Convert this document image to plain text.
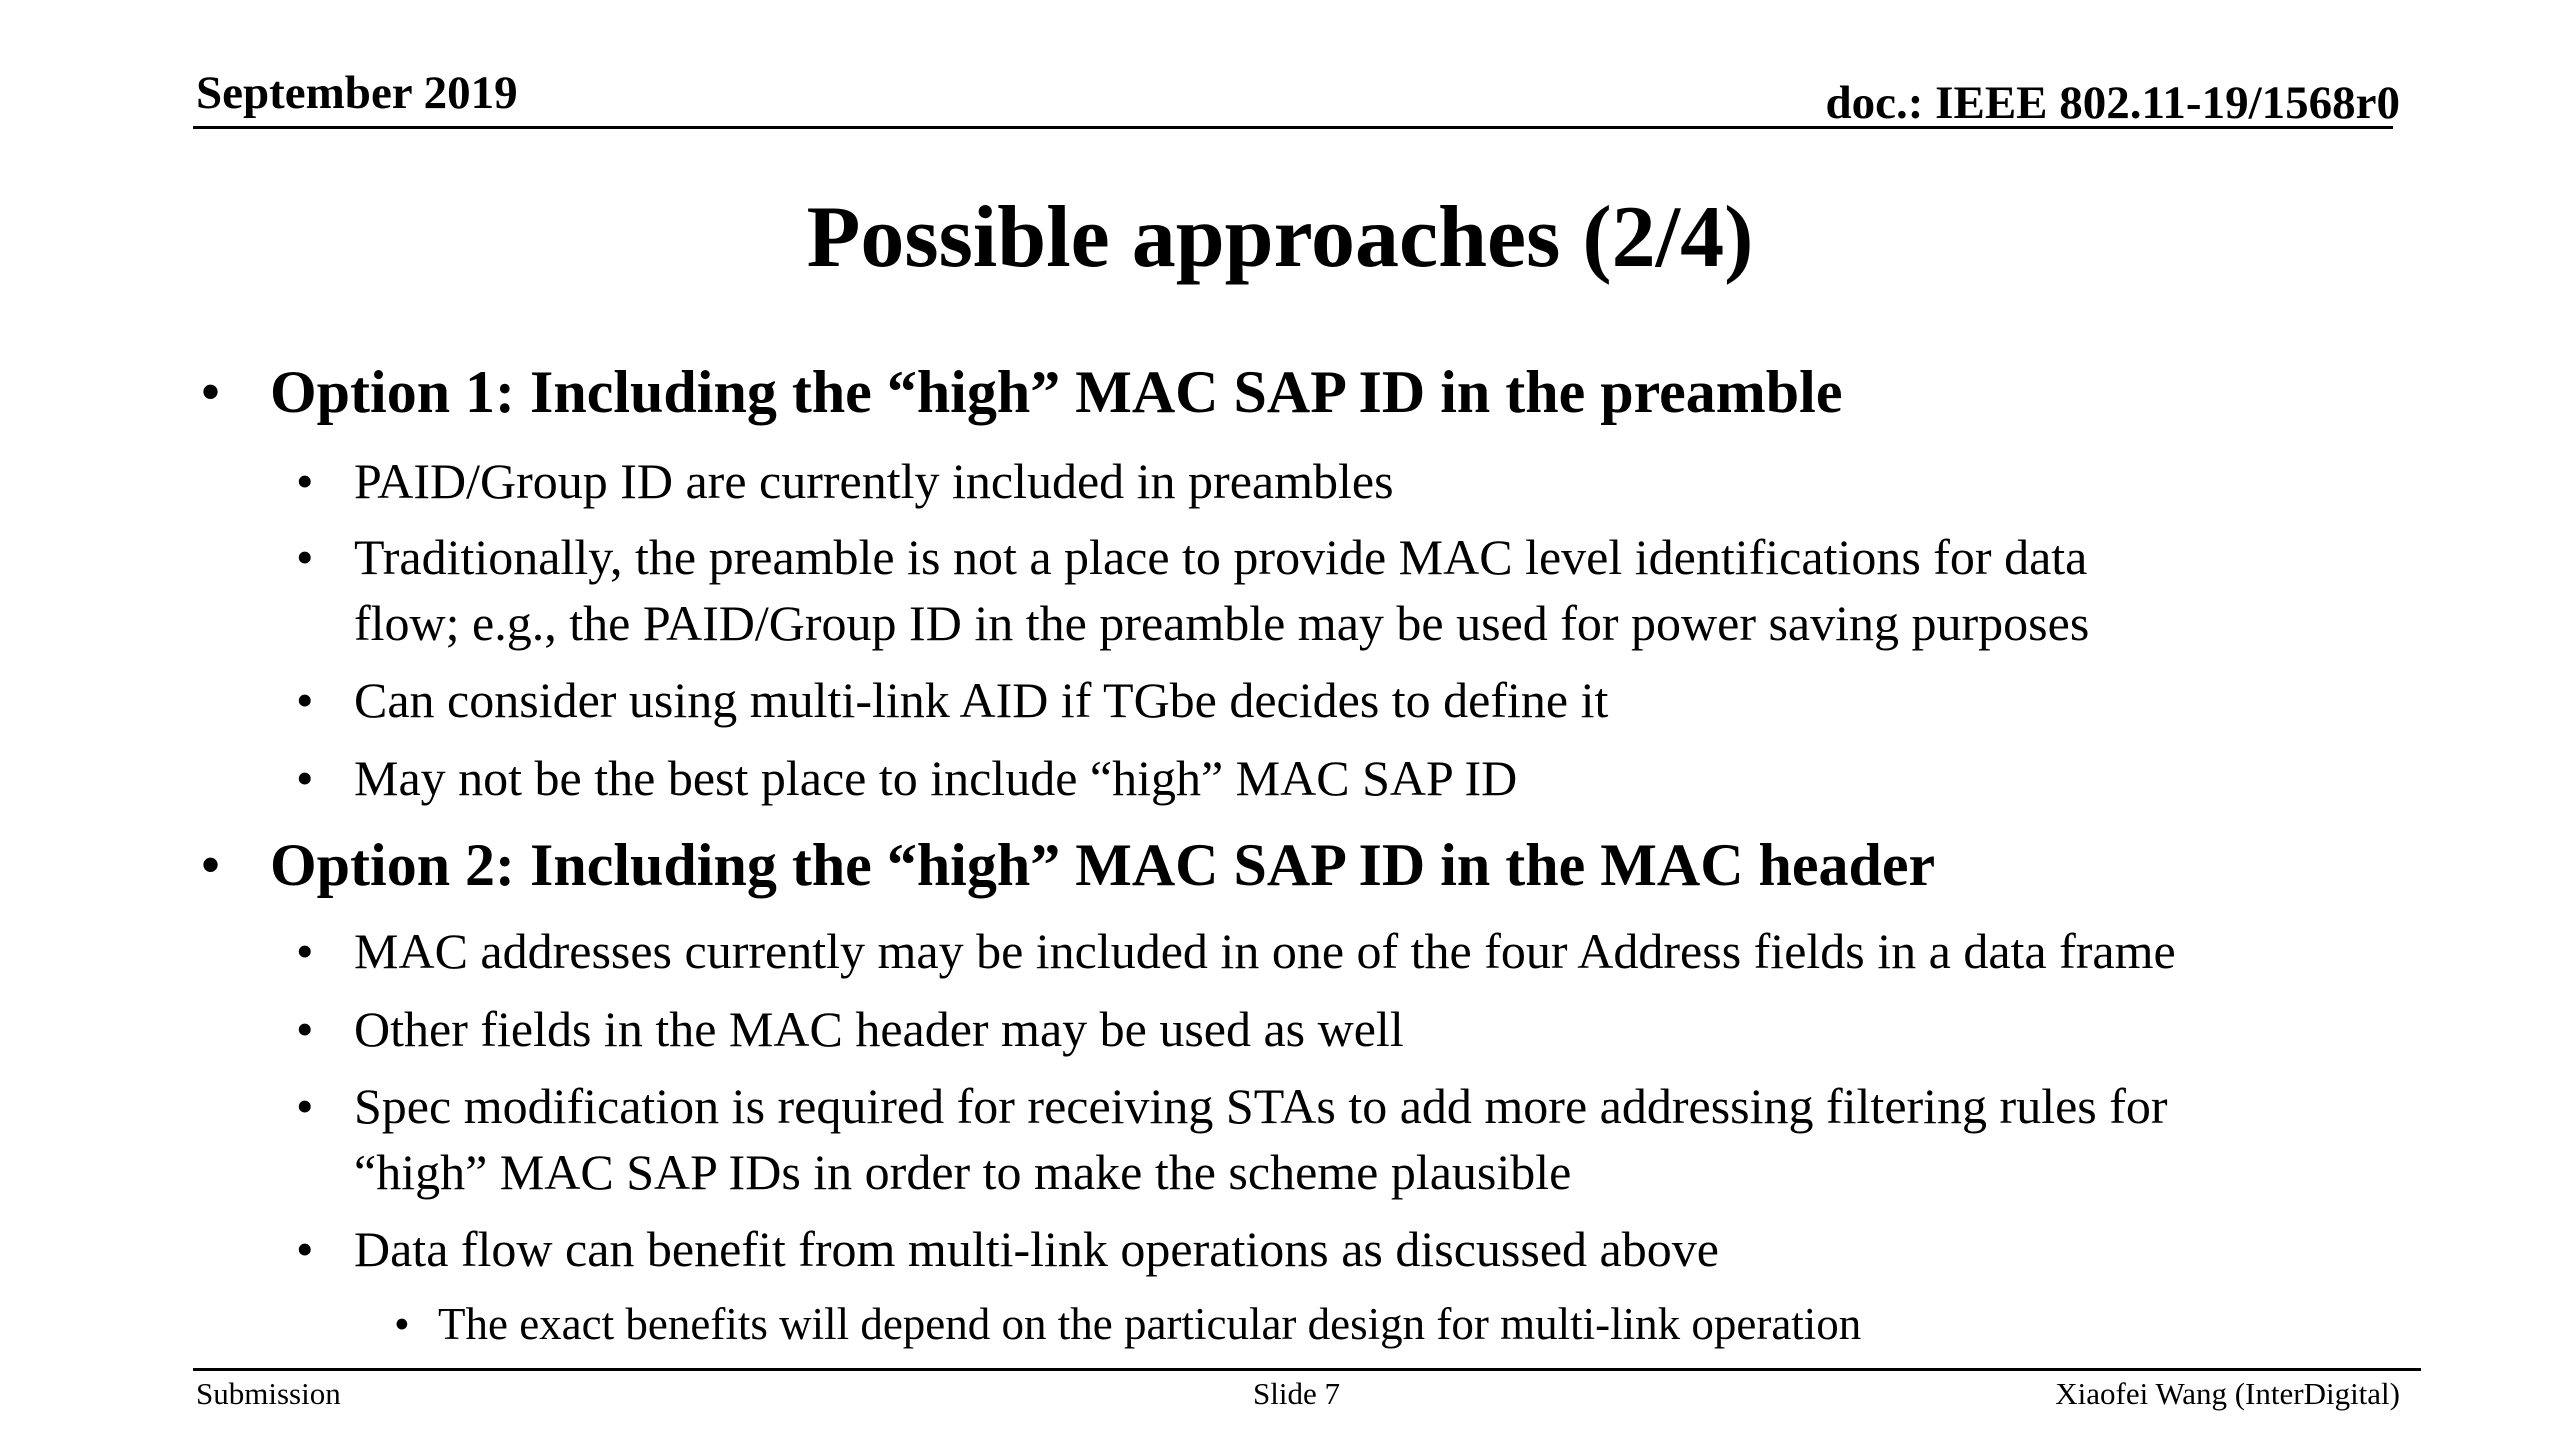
September 2019	doc.: IEEE 802.11-19/1568r0
Possible approaches (2/4)
• Option 1: Including the “high” MAC SAP ID in the preamble
• PAID/Group ID are currently included in preambles
• Traditionally, the preamble is not a place to provide MAC level identifications for data
flow; e.g., the PAID/Group ID in the preamble may be used for power saving purposes
• Can consider using multi-link AID if TGbe decides to define it
• May not be the best place to include “high” MAC SAP ID
• Option 2: Including the “high” MAC SAP ID in the MAC header
• MAC addresses currently may be included in one of the four Address fields in a data frame
• Other fields in the MAC header may be used as well
• Spec modification is required for receiving STAs to add more addressing filtering rules for
“high” MAC SAP IDs in order to make the scheme plausible
• Data flow can benefit from multi-link operations as discussed above
• The exact benefits will depend on the particular design for multi-link operation
Submission	Slide 7	Xiaofei Wang (InterDigital)
